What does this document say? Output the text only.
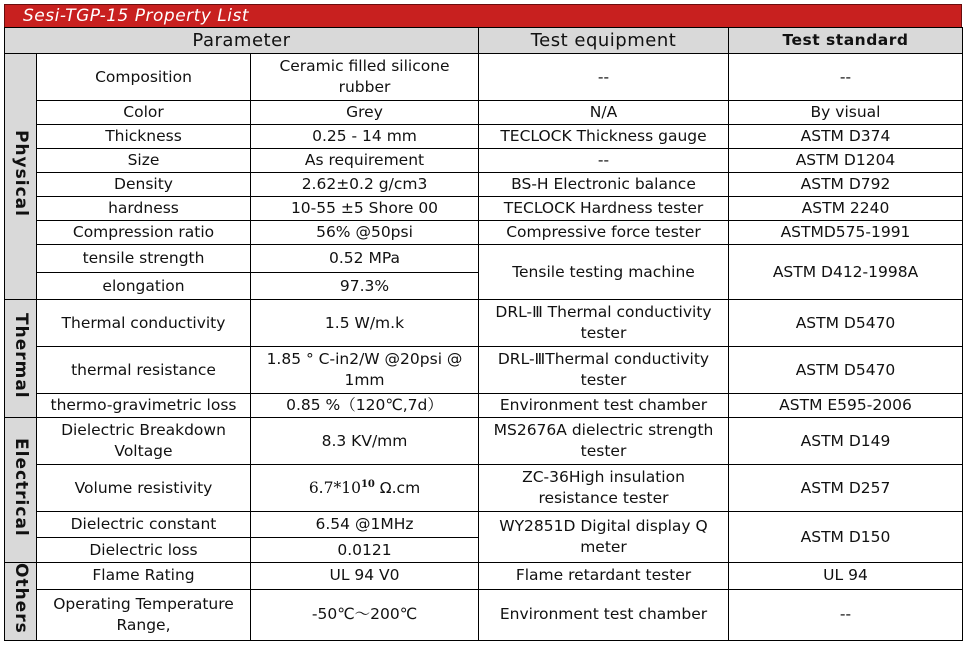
Sesi-TGP-15 Property List
Parameter			Test equipment	Test standard
Physical	Composition	Ceramic filled silicone rubber	--	--
	Color	Grey	N/A	By visual
	Thickness	0.25 - 14 mm	TECLOCK Thickness gauge	ASTM D374
	Size	As requirement	--	ASTM D1204
	Density	2.62±0.2 g/cm3	BS-H Electronic balance	ASTM D792
	hardness	10-55 ±5 Shore 00	TECLOCK Hardness tester	ASTM 2240
	Compression ratio	56% @50psi	Compressive force tester	ASTMD575-1991
	tensile strength	0.52 MPa	Tensile testing machine	ASTM D412-1998A
	elongation	97.3%		
Thermal	Thermal conductivity	1.5 W/m.k	DRL-Ⅲ Thermal conductivity tester	ASTM D5470
	thermal resistance	1.85 ° C-in2/W @20psi @ 1mm	DRL-ⅢThermal conductivity tester	ASTM D5470
	thermo-gravimetric loss	0.85 %（120℃,7d）	Environment test chamber	ASTM E595-2006
Electrical	Dielectric Breakdown Voltage	8.3 KV/mm	MS2676A dielectric strength tester	ASTM D149
	Volume resistivity	$6.7*10^{10}$ Ω.cm	ZC-36High insulation resistance tester	ASTM D257
	Dielectric constant	6.54 @1MHz	WY2851D Digital display Q meter	ASTM D150
	Dielectric loss	0.0121		
Others	Flame Rating	UL 94 V0	Flame retardant tester	UL 94
	Operating Temperature Range,	-50℃～200℃	Environment test chamber	--
